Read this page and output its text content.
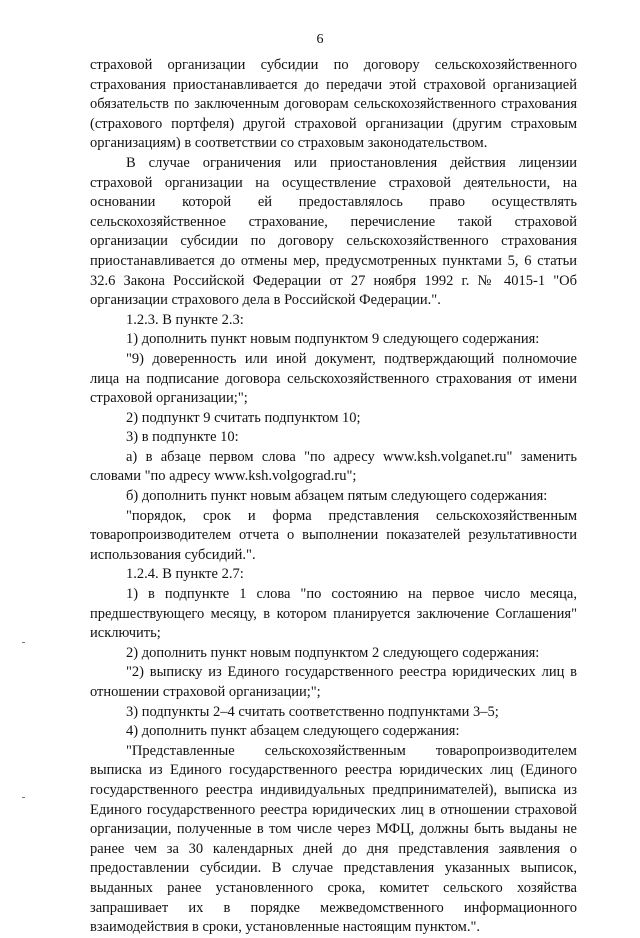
6

страховой организации субсидии по договору сельскохозяйственного страхования приостанавливается до передачи этой страховой организацией обязательств по заключенным договорам сельскохозяйственного страхования (страхового портфеля) другой страховой организации (другим страховым организациям) в соответствии со страховым законодательством.

В случае ограничения или приостановления действия лицензии страховой организации на осуществление страховой деятельности, на основании которой ей предоставлялось право осуществлять сельскохозяйственное страхование, перечисление такой страховой организации субсидии по договору сельскохозяйственного страхования приостанавливается до отмены мер, предусмотренных пунктами 5, 6 статьи 32.6 Закона Российской Федерации от 27 ноября 1992 г. № 4015-1 "Об организации страхового дела в Российской Федерации.".

1.2.3. В пункте 2.3:

1) дополнить пункт новым подпунктом 9 следующего содержания:

"9) доверенность или иной документ, подтверждающий полномочие лица на подписание договора сельскохозяйственного страхования от имени страховой организации;";

2) подпункт 9 считать подпунктом 10;

3) в подпункте 10:

а) в абзаце первом слова "по адресу www.ksh.volganet.ru" заменить словами "по адресу www.ksh.volgograd.ru";

б) дополнить пункт новым абзацем пятым следующего содержания:

"порядок, срок и форма представления сельскохозяйственным товаропроизводителем отчета о выполнении показателей результативности использования субсидий.".

1.2.4. В пункте 2.7:

1) в подпункте 1 слова "по состоянию на первое число месяца, предшествующего месяцу, в котором планируется заключение Соглашения" исключить;

2) дополнить пункт новым подпунктом 2 следующего содержания:

"2) выписку из Единого государственного реестра юридических лиц в отношении страховой организации;";

3) подпункты 2–4 считать соответственно подпунктами 3–5;

4) дополнить пункт абзацем следующего содержания:

"Представленные сельскохозяйственным товаропроизводителем выписка из Единого государственного реестра юридических лиц (Единого государственного реестра индивидуальных предпринимателей), выписка из Единого государственного реестра юридических лиц в отношении страховой организации, полученные в том числе через МФЦ, должны быть выданы не ранее чем за 30 календарных дней до дня представления заявления о предоставлении субсидии. В случае представления указанных выписок, выданных ранее установленного срока, комитет сельского хозяйства запрашивает их в порядке межведомственного информационного взаимодействия в сроки, установленные настоящим пунктом.".
